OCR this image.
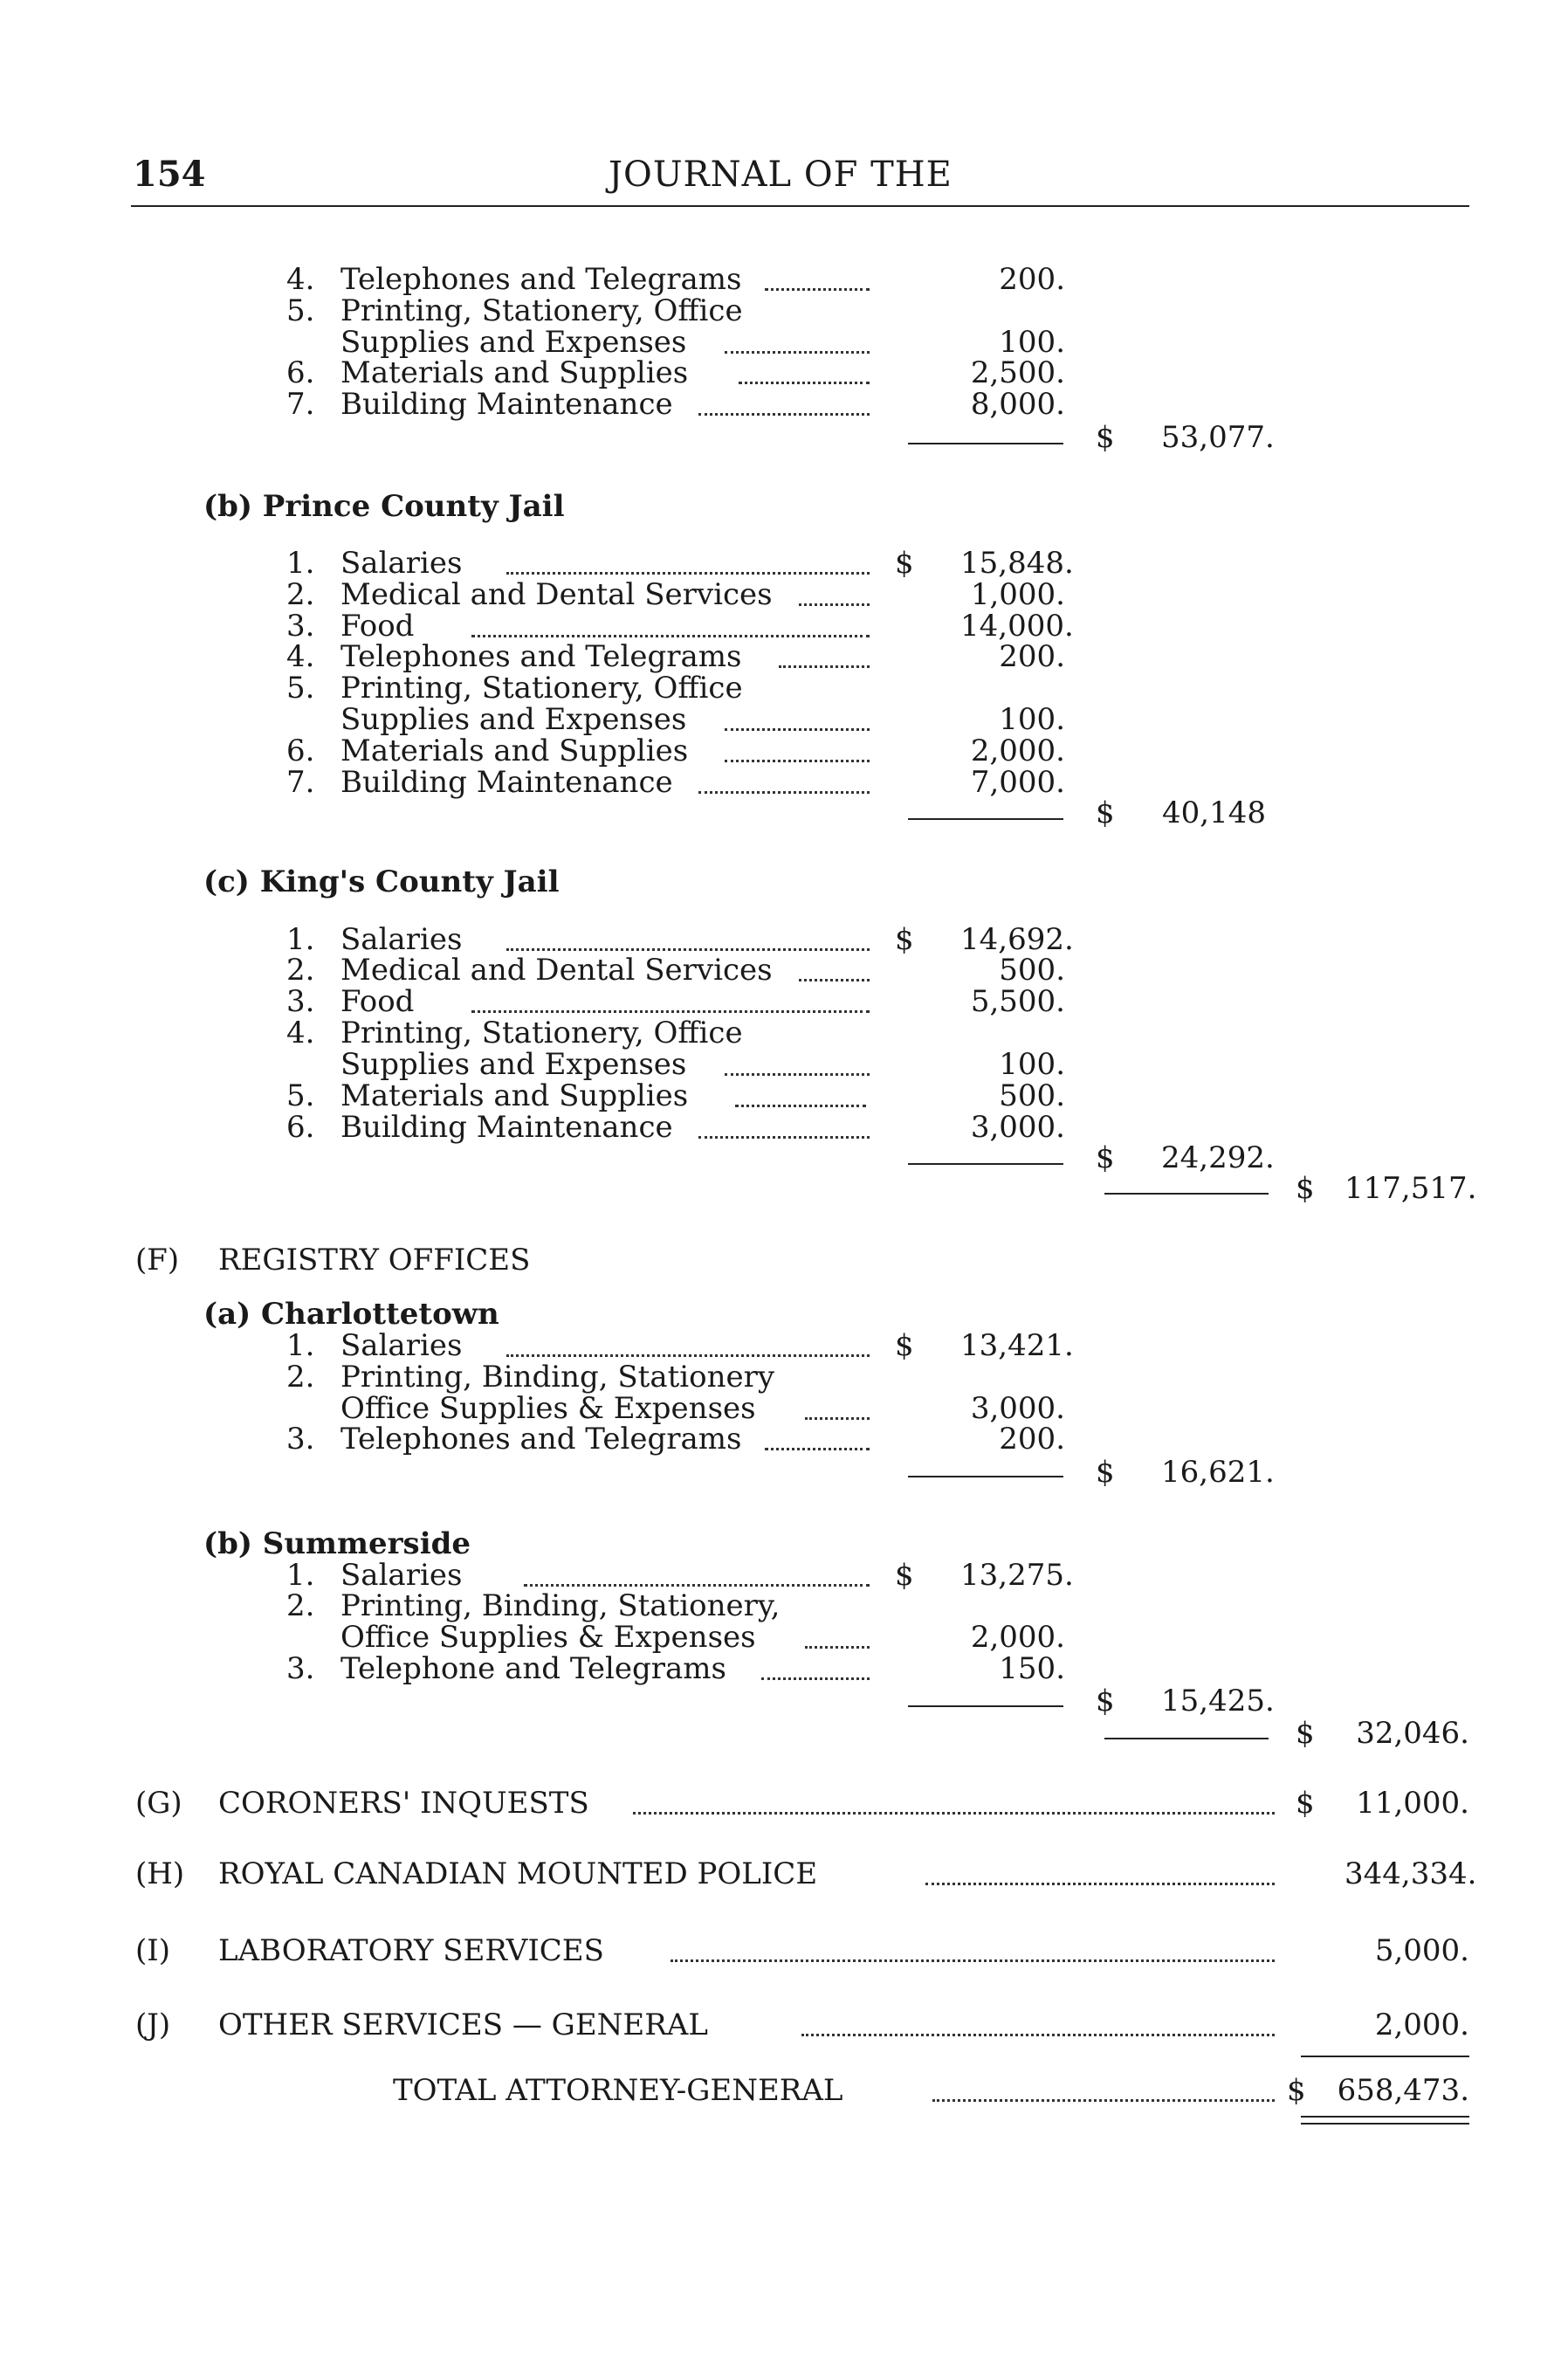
154	JOURNAL OF THE
4. Telephones and Telegrams	200.
5. Printing, Stationery, Office
Supplies and Expenses	100.
6. Materials and Supplies	2,500.
7. Building Maintenance	8,000.
$ 53,077.
(b) Prince County Jail
1. Salaries	$ 15,848.
2. Medical and Dental Services	1,000.
3. Food	14,000.
4. Telephones and Telegrams	200.
5. Printing, Stationery, Office
Supplies and Expenses	100.
6. Materials and Supplies	2,000.
7. Building Maintenance	7,000.
$ 40,148
(c) King's County Jail
1. Salaries	$ 14,692.
2. Medical and Dental Services	500.
3. Food	5,500.
4. Printing, Stationery, Office
Supplies and Expenses	100.
5. Materials and Supplies	500.
6. Building Maintenance	3,000.
$ 24,292.
$ 117,517.
(F) REGISTRY OFFICES
(a) Charlottetown
1. Salaries	$ 13,421.
2. Printing, Binding, Stationery
Office Supplies & Expenses	3,000.
3. Telephones and Telegrams	200.
$ 16,621.
(b) Summerside
1. Salaries	$ 13,275.
2. Printing, Binding, Stationery,
Office Supplies & Expenses	2,000.
3. Telephone and Telegrams	150.
$ 15,425.
$	32,046.
(G) CORONERS' INQUESTS	$	11,000.
(H) ROYAL CANADIAN MOUNTED POLICE	344,334.
(I) LABORATORY SERVICES	5,000.
(J) OTHER SERVICES — GENERAL	2,000.
TOTAL ATTORNEY-GENERAL	$ 658,473.
